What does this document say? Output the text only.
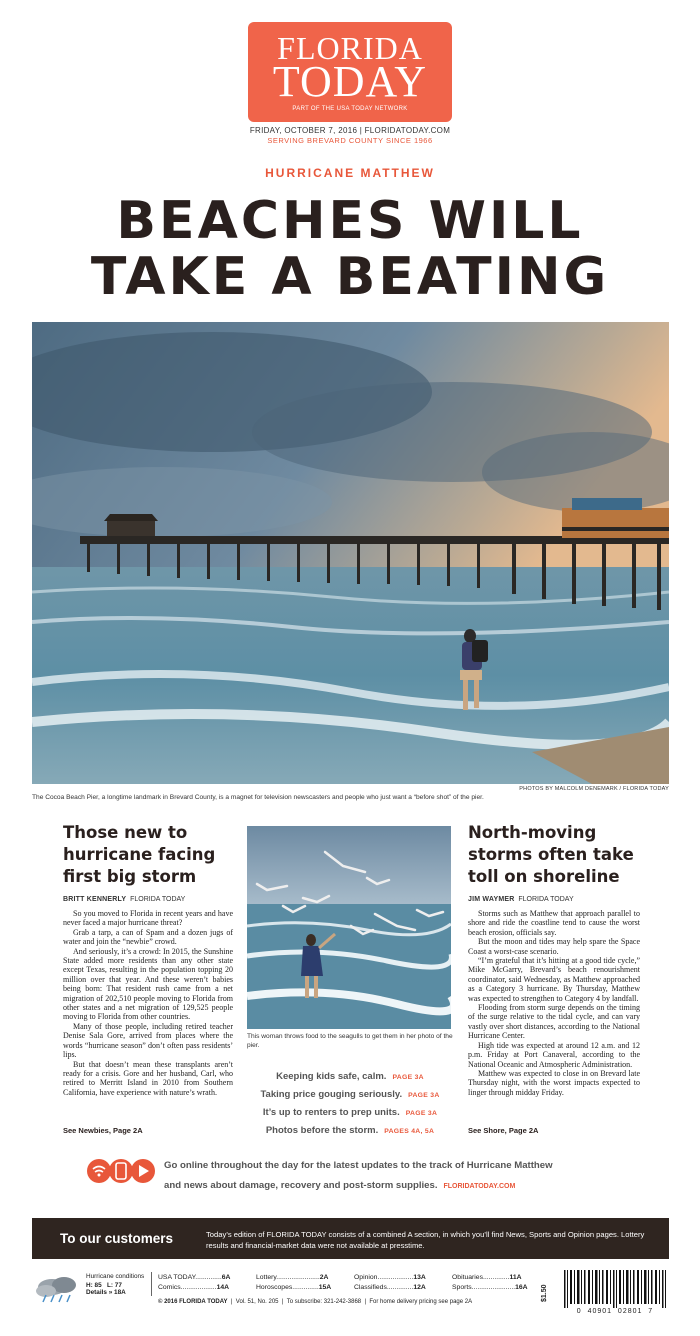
FLORIDA
TODAY
PART OF THE USA TODAY NETWORK
FRIDAY, OCTOBER 7, 2016 | FLORIDATODAY.COM
SERVING BREVARD COUNTY SINCE 1966
HURRICANE MATTHEW
BEACHES WILL
TAKE A BEATING
PHOTOS BY MALCOLM DENEMARK / FLORIDA TODAY
The Cocoa Beach Pier, a longtime landmark in Brevard County, is a magnet for television newscasters and people who just want a “before shot” of the pier.
Those new to hurricane facing first big storm
BRITT KENNERLY FLORIDA TODAY

So you moved to Florida in recent years and have never faced a major hurricane threat?

Grab a tarp, a can of Spam and a dozen jugs of water and join the “newbie” crowd.

And seriously, it’s a crowd: In 2015, the Sunshine State added more residents than any other state except Texas, resulting in the population topping 20 million over that year. And these weren’t babies being born: That resident rush came from a net migration of 202,510 people moving to Florida from other states and a net migration of 129,525 people moving to Florida from other countries.

Many of those people, including retired teacher Denise Sala Gore, arrived from places where the words “hurricane season” don’t often pass residents’ lips.

But that doesn’t mean these transplants aren’t ready for a crisis. Gore and her husband, Carl, who retired to Merritt Island in 2010 from Southern California, have experience with nature’s wrath.

See Newbies, Page 2A
This woman throws food to the seagulls to get them in her photo of the pier.
Keeping kids safe, calm. PAGE 3A
Taking price gouging seriously. PAGE 3A
It’s up to renters to prep units. PAGE 3A
Photos before the storm. PAGES 4A, 5A
North-moving storms often take toll on shoreline
JIM WAYMER FLORIDA TODAY

Storms such as Matthew that approach parallel to shore and ride the coastline tend to cause the worst beach erosion, officials say.

But the moon and tides may help spare the Space Coast a worst-case scenario.

“I’m grateful that it’s hitting at a good tide cycle,” Mike McGarry, Brevard’s beach renourishment coordinator, said Wednesday, as Matthew approached as a Category 3 hurricane. By Thursday, Matthew was expected to strengthen to Category 4 by landfall.

Flooding from storm surge depends on the timing of the surge relative to the tidal cycle, and can vary vastly over short distances, according to the National Hurricane Center.

High tide was expected at around 12 a.m. and 12 p.m. Friday at Port Canaveral, according to the National Oceanic and Atmospheric Administration.

Matthew was expected to close in on Brevard late Thursday night, with the worst impacts expected to linger through midday Friday.

See Shore, Page 2A
Go online throughout the day for the latest updates to the track of Hurricane Matthew
and news about damage, recovery and post-storm supplies. FLORIDATODAY.COM
To our customers	Today’s edition of FLORIDA TODAY consists of a combined A section, in which you’ll find News, Sports and Opinion pages. Lottery results and financial-market data were not available at presstime.
Hurricane conditions
H: 85 L: 77
Details » 18A
USA TODAY..............6A
Comics...................14A
Lottery.......................2A
Horoscopes..............15A
Opinion...................13A
Classifieds..............12A
Obituaries..............11A
Sports.......................16A
© 2016 FLORIDA TODAY  |  Vol. 51, No. 205  |  To subscribe: 321-242-3868  |  For home delivery pricing see page 2A	$1.50
0  40901  02801  7
